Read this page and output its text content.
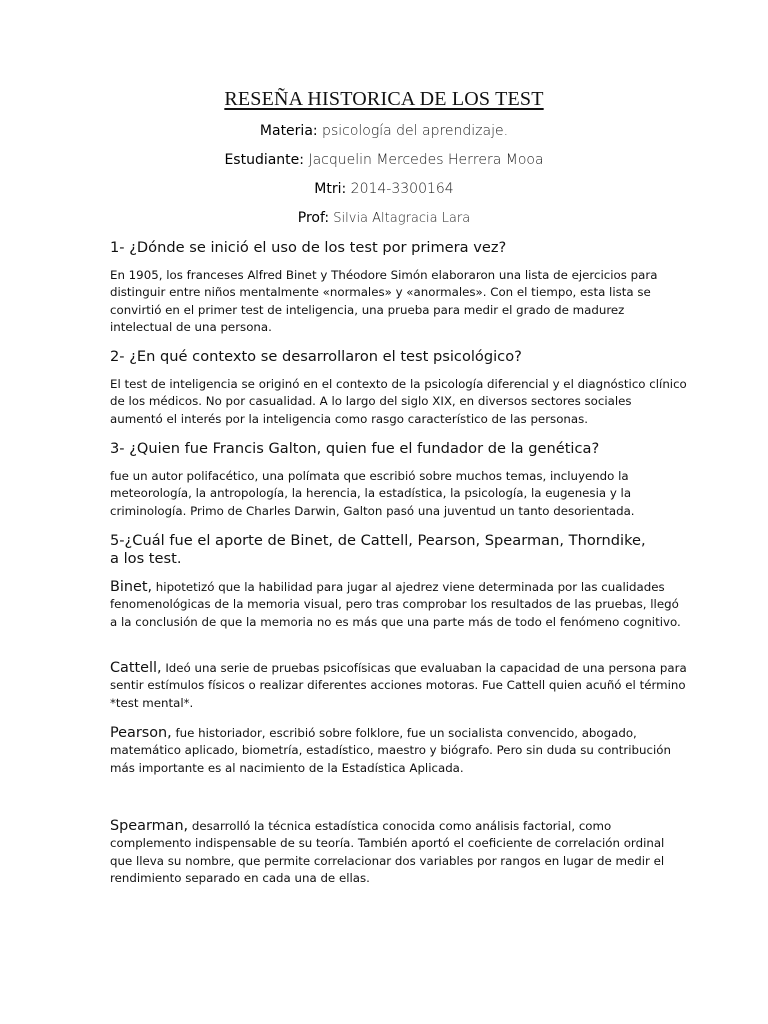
RESEÑA HISTORICA DE LOS TEST
Materia: psicología del aprendizaje.
Estudiante: Jacquelin Mercedes Herrera Mooa
Mtri: 2014-3300164
Prof: Silvia Altagracia Lara
1- ¿Dónde se inició el uso de los test por primera vez?
En 1905, los franceses Alfred Binet y Théodore Simón elaboraron una lista de ejercicios para distinguir entre niños mentalmente «normales» y «anormales». Con el tiempo, esta lista se convirtió en el primer test de inteligencia, una prueba para medir el grado de madurez intelectual de una persona.
2- ¿En qué contexto se desarrollaron el test psicológico?
El test de inteligencia se originó en el contexto de la psicología diferencial y el diagnóstico clínico de los médicos. No por casualidad. A lo largo del siglo XIX, en diversos sectores sociales aumentó el interés por la inteligencia como rasgo característico de las personas.
3- ¿Quien fue Francis Galton, quien fue el fundador de la genética?
fue un autor polifacético, una polímata que escribió sobre muchos temas, incluyendo la meteorología, la antropología, la herencia, la estadística, la psicología, la eugenesia y la criminología. Primo de Charles Darwin, Galton pasó una juventud un tanto desorientada.
5-¿Cuál fue el aporte de Binet, de Cattell, Pearson, Spearman, Thorndike, a los test.
Binet, hipotetizó que la habilidad para jugar al ajedrez viene determinada por las cualidades fenomenológicas de la memoria visual, pero tras comprobar los resultados de las pruebas, llegó a la conclusión de que la memoria no es más que una parte más de todo el fenómeno cognitivo.
Cattell, Ideó una serie de pruebas psicofísicas que evaluaban la capacidad de una persona para sentir estímulos físicos o realizar diferentes acciones motoras. Fue Cattell quien acuñó el término *test mental*.
Pearson, fue historiador, escribió sobre folklore, fue un socialista convencido, abogado, matemático aplicado, biometría, estadístico, maestro y biógrafo. Pero sin duda su contribución más importante es al nacimiento de la Estadística Aplicada.
Spearman, desarrolló la técnica estadística conocida como análisis factorial, como complemento indispensable de su teoría. También aportó el coeficiente de correlación ordinal que lleva su nombre, que permite correlacionar dos variables por rangos en lugar de medir el rendimiento separado en cada una de ellas.
